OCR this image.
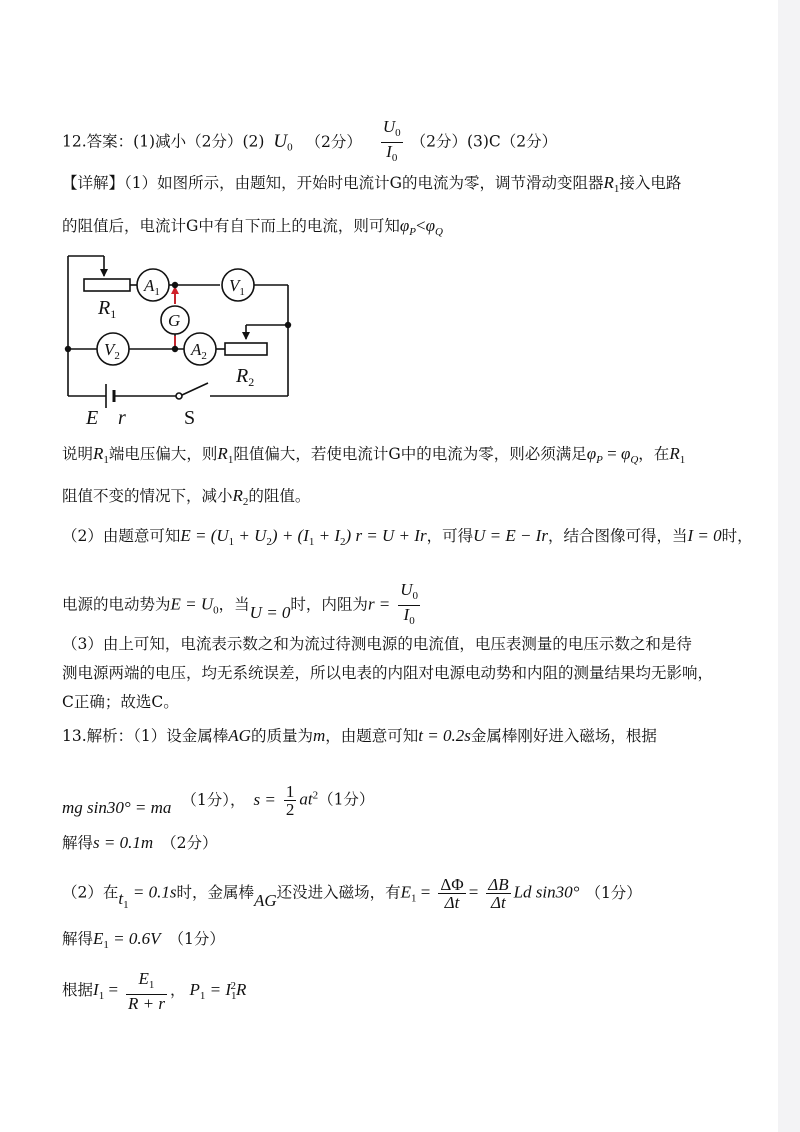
12.答案：(1)减小（2分）(2) $U_0$ （2分） $\frac{U_0}{I_0} (2$分）(3)C（2分）
【详解】（1）如图所示，由题知，开始时电流计G的电流为零，调节滑动变阻器$R_1$接入电路
的阻值后，电流计G中有自下而上的电流，则可知$\varphi_P<\varphi_Q$
$A_1$	$V_1$
G
$V_2$	$A_2$
$R_1$
$R_2$
E r	S
说明$R_1$端电压偏大，则$R_1$阻值偏大，若使电流计G中的电流为零，则必须满足$\varphi_P = \varphi_Q$，在$R_1$
阻值不变的情况下，减小$R_2$的阻值。
（2）由题意可知$E = (U_1 + U_2) + (I_1 + I_2) r = U + Ir$，可得U = E − Ir，结合图像可得，当I = 0时，
电源的电动势为$E = U_0$，当U = 0时，内阻为$r = \frac{U_0}{I_0}$
（3）由上可知，电流表示数之和为流过待测电源的电流值，电压表测量的电压示数之和是待
测电源两端的电压，均无系统误差，所以电表的内阻对电源电动势和内阻的测量结果均无影响，
C正确；故选C。
13.解析：（1）设金属棒AG的质量为m，由题意可知t = 0.2s金属棒刚好进入磁场，根据
mg sin30° = ma （1分）， $s = \frac{1}{2} at^2(1$分）
解得s = 0.1m （2分）
（2）在$t_1 = 0.1s$时，金属棒AG还没进入磁场，有$E_1 = \frac{\Delta\Phi}{\Delta t} = \frac{\Delta B}{\Delta t}$ Ld sin30° （1分）
解得$E_1 = 0.6V$ （1分）
根据$I_1 = \frac{E_1}{R + r}$ ， $P_1 = I_1^2R$
